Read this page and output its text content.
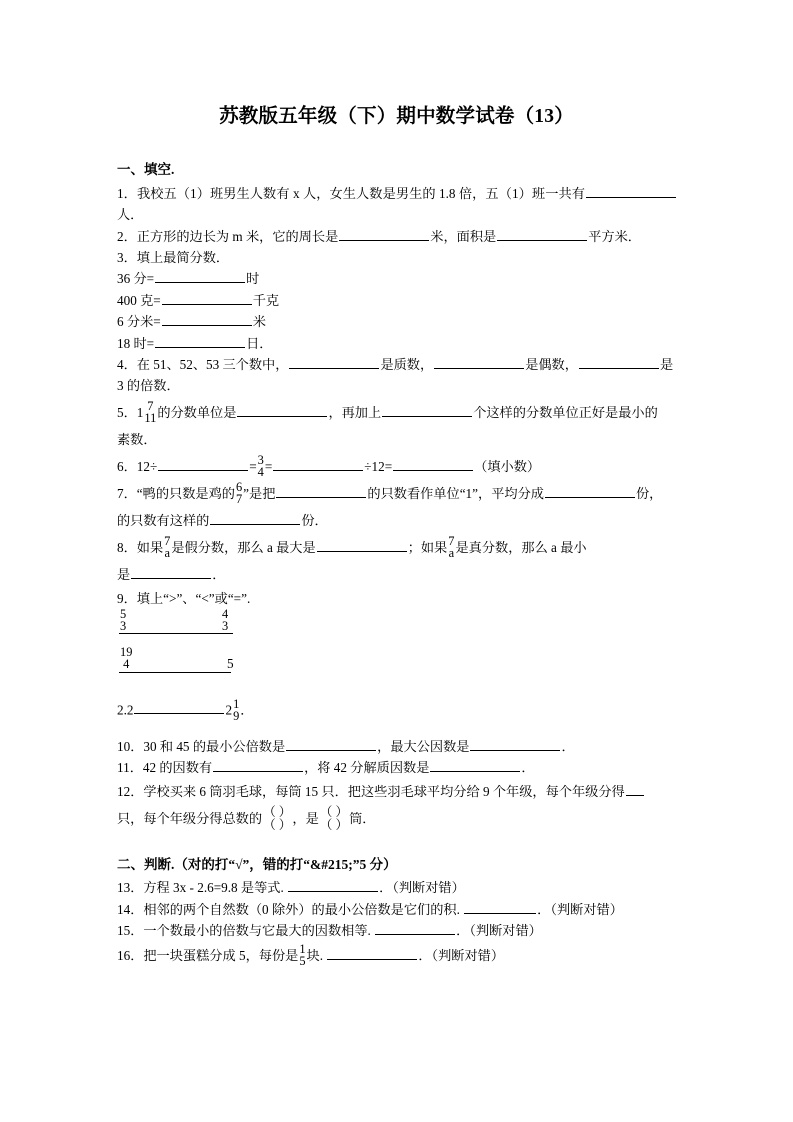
苏教版五年级（下）期中数学试卷（13）
一、填空.

1．我校五（1）班男生人数有 x 人，女生人数是男生的 1.8 倍，五（1）班一共有人．

2．正方形的边长为 m 米，它的周长是	米，面积是	平方米．

3．填上最简分数．

36 分=	时

400 克=	千克

6 分米=	米

18 时=	日．

4．在 51、52、53 三个数中，	是质数，	是偶数，	是
3 的倍数．

5．1 7
11 的分数单位是	，再加上	个这样的分数单位正好是最小的
素数．

6．12÷	= 3
4 =	÷12=	（填小数）

7．“鸭的只数是鸡的 6
7 ”是把	的只数看作单位“1”，平均分成	份，
的只数有这样的	份．

8．如果 7
a 是假分数，那么 a 最大是	；如果 7
a 是真分数，那么 a 最小
是	．

9．填上“>”、“<”或“=”.

5
3
4
3
19
4	5

2.2	2 1
9 ．

10．30 和 45 的最小公倍数是	，最大公因数是	．

11．42 的因数有	，将 42 分解质因数是	．

12．学校买来 6 筒羽毛球，每筒 15 只．把这些羽毛球平均分给 9 个年级，每个年级分得
只，每个年级分得总数的 （ ）
（ ） ，是 （ ）
（ ） 筒．

二、判断.（对的打“√”，错的打“&#215;”5 分）

13．方程 3x - 2.6=9.8 是等式.	．（判断对错）

14．相邻的两个自然数（0 除外）的最小公倍数是它们的积.	．（判断对错）

15．一个数最小的倍数与它最大的因数相等.	．（判断对错）

16．把一块蛋糕分成 5，每份是 1
5 块.	．（判断对错）
